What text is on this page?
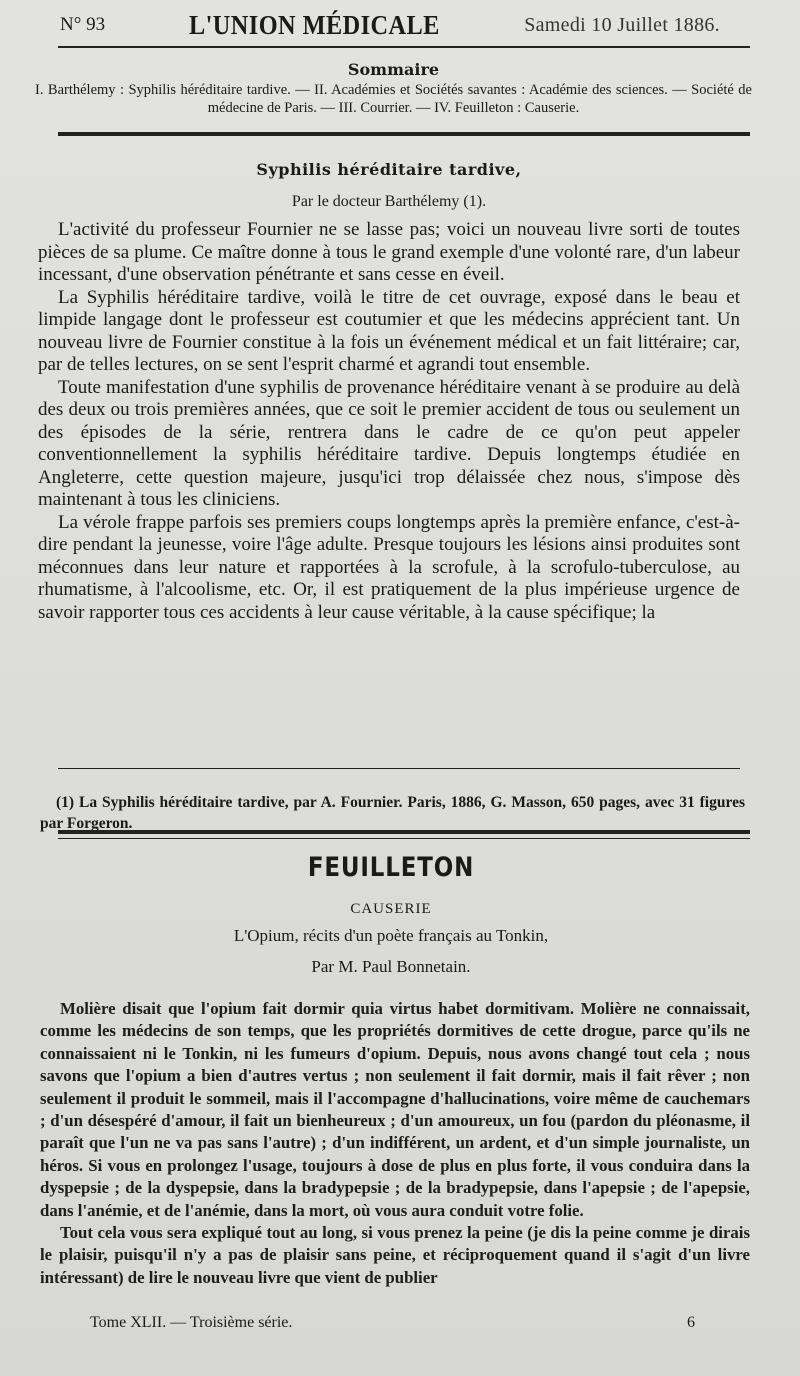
N° 93	L'UNION MÉDICALE	Samedi 10 Juillet 1886.
Sommaire

I. Barthélemy : Syphilis héréditaire tardive. — II. Académies et Sociétés savantes : Académie des sciences. — Société de médecine de Paris. — III. Courrier. — IV. Feuilleton : Causerie.

Syphilis héréditaire tardive,

Par le docteur Barthélemy (1).

L'activité du professeur Fournier ne se lasse pas; voici un nouveau livre sorti de toutes pièces de sa plume. Ce maître donne à tous le grand exemple d'une volonté rare, d'un labeur incessant, d'une observation pénétrante et sans cesse en éveil.

La Syphilis héréditaire tardive, voilà le titre de cet ouvrage, exposé dans le beau et limpide langage dont le professeur est coutumier et que les médecins apprécient tant. Un nouveau livre de Fournier constitue à la fois un événement médical et un fait littéraire; car, par de telles lectures, on se sent l'esprit charmé et agrandi tout ensemble.

Toute manifestation d'une syphilis de provenance héréditaire venant à se produire au delà des deux ou trois premières années, que ce soit le premier accident de tous ou seulement un des épisodes de la série, rentrera dans le cadre de ce qu'on peut appeler conventionnellement la syphilis héréditaire tardive. Depuis longtemps étudiée en Angleterre, cette question majeure, jusqu'ici trop délaissée chez nous, s'impose dès maintenant à tous les cliniciens.

La vérole frappe parfois ses premiers coups longtemps après la première enfance, c'est-à-dire pendant la jeunesse, voire l'âge adulte. Presque toujours les lésions ainsi produites sont méconnues dans leur nature et rapportées à la scrofule, à la scrofulo-tuberculose, au rhumatisme, à l'alcoolisme, etc. Or, il est pratiquement de la plus impérieuse urgence de savoir rapporter tous ces accidents à leur cause véritable, à la cause spécifique; la

(1) La Syphilis héréditaire tardive, par A. Fournier. Paris, 1886, G. Masson, 650 pages, avec 31 figures par Forgeron.

FEUILLETON
CAUSERIE
L'Opium, récits d'un poète français au Tonkin,
Par M. Paul Bonnetain.

Molière disait que l'opium fait dormir quia virtus habet dormitivam. Molière ne connaissait, comme les médecins de son temps, que les propriétés dormitives de cette drogue, parce qu'ils ne connaissaient ni le Tonkin, ni les fumeurs d'opium. Depuis, nous avons changé tout cela ; nous savons que l'opium a bien d'autres vertus ; non seulement il fait dormir, mais il fait rêver ; non seulement il produit le sommeil, mais il l'accompagne d'hallucinations, voire même de cauchemars ; d'un désespéré d'amour, il fait un bienheureux ; d'un amoureux, un fou (pardon du pléonasme, il paraît que l'un ne va pas sans l'autre) ; d'un indifférent, un ardent, et d'un simple journaliste, un héros. Si vous en prolongez l'usage, toujours à dose de plus en plus forte, il vous conduira dans la dyspepsie ; de la dyspepsie, dans la bradypepsie ; de la bradypepsie, dans l'apepsie ; de l'apepsie, dans l'anémie, et de l'anémie, dans la mort, où vous aura conduit votre folie.

Tout cela vous sera expliqué tout au long, si vous prenez la peine (je dis la peine comme je dirais le plaisir, puisqu'il n'y a pas de plaisir sans peine, et réciproquement quand il s'agit d'un livre intéressant) de lire le nouveau livre que vient de publier

Tome XLII. — Troisième série.	6
